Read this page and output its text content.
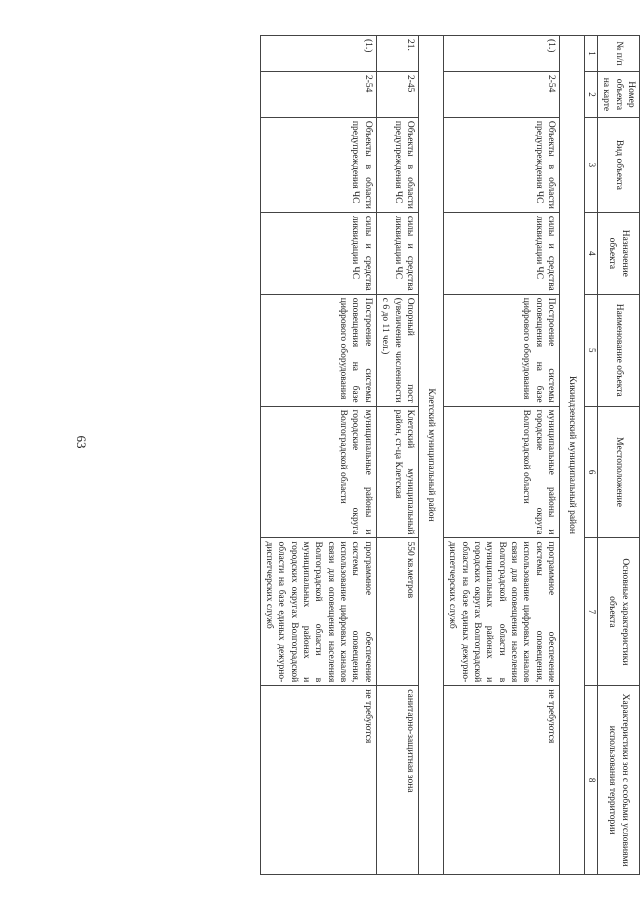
63
№ п/п	Номер объекта на карте	Вид объекта	Назначение объекта	Наименование объекта	Местоположение	Основные характеристики объекта	Характеристики зон с особыми условиями использования территории
1	2	3	4	5	6	7	8
Кикиндзенский муниципальный район							
(1.)	2-54	Объекты в области предупреждения ЧС	силы и средства ликвидации ЧС	Построение системы оповещения на базе цифрового оборудования	муниципальные районы и городские округа Волгоградской области	программное обеспечение системы оповещения, использование цифровых каналов связи для оповещения населения Волгоградской области в муниципальных районах и городских округах Волгоградской области на базе единых дежурно-диспетчерских служб	не требуются
Клетский муниципальный район							
21.	2-45	Объекты в области предупреждения ЧС	силы и средства ликвидации ЧС	Опорный пост (увеличение численности с 6 до 11 чел.)	Клетский муниципальный район, ст-ца Клетская	550 кв.метров	санитарно-защитная зона
(1.)	2-54	Объекты в области предупреждения ЧС	силы и средства ликвидации ЧС	Построение системы оповещения на базе цифрового оборудования	муниципальные районы и городские округа Волгоградской области	программное обеспечение системы оповещения, использование цифровых каналов связи для оповещения населения Волгоградской области в муниципальных районах и городских округах Волгоградской области на базе единых дежурно-диспетчерских служб	не требуются
